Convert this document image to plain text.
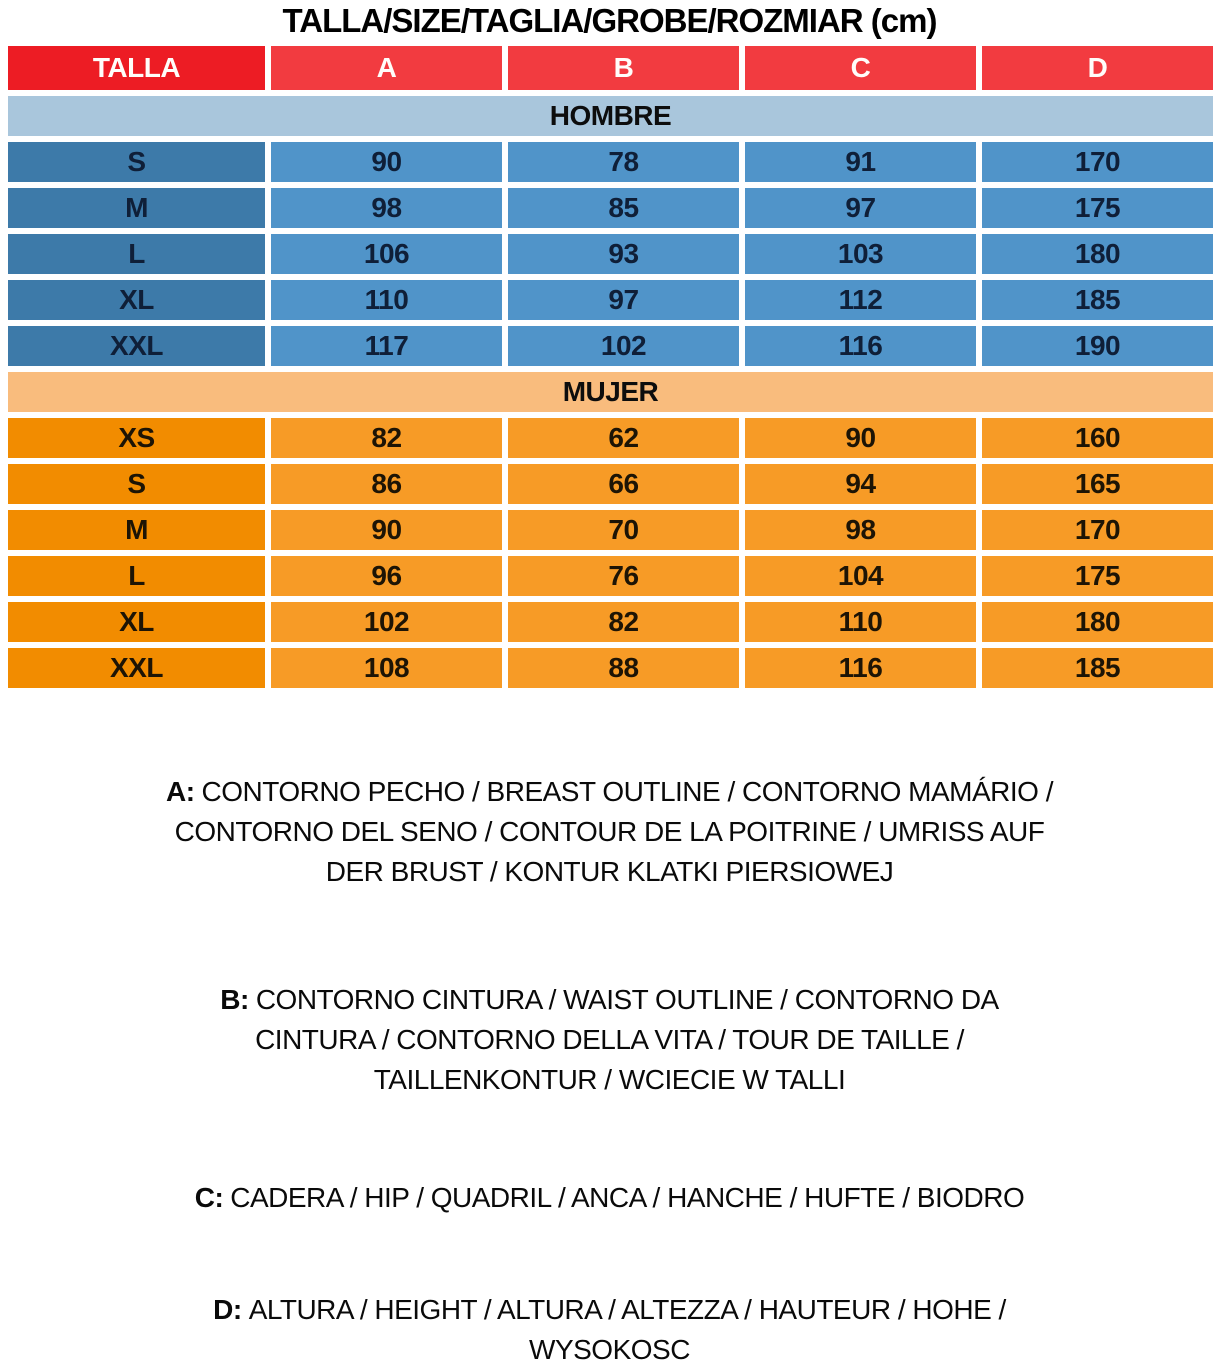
TALLA/SIZE/TAGLIA/GROBE/ROZMIAR (cm)
TALLA	A	B	C	D
HOMBRE
S	90	78	91	170
M	98	85	97	175
L	106	93	103	180
XL	110	97	112	185
XXL	117	102	116	190
MUJER
XS	82	62	90	160
S	86	66	94	165
M	90	70	98	170
L	96	76	104	175
XL	102	82	110	180
XXL	108	88	116	185
A: CONTORNO PECHO / BREAST OUTLINE / CONTORNO MAMÁRIO /
CONTORNO DEL SENO / CONTOUR DE LA POITRINE / UMRISS AUF
DER BRUST / KONTUR KLATKI PIERSIOWEJ
B: CONTORNO CINTURA / WAIST OUTLINE / CONTORNO DA
CINTURA / CONTORNO DELLA VITA / TOUR DE TAILLE /
TAILLENKONTUR / WCIECIE W TALLI
C: CADERA / HIP / QUADRIL / ANCA / HANCHE / HUFTE / BIODRO
D: ALTURA / HEIGHT / ALTURA / ALTEZZA / HAUTEUR / HOHE /
WYSOKOSC
